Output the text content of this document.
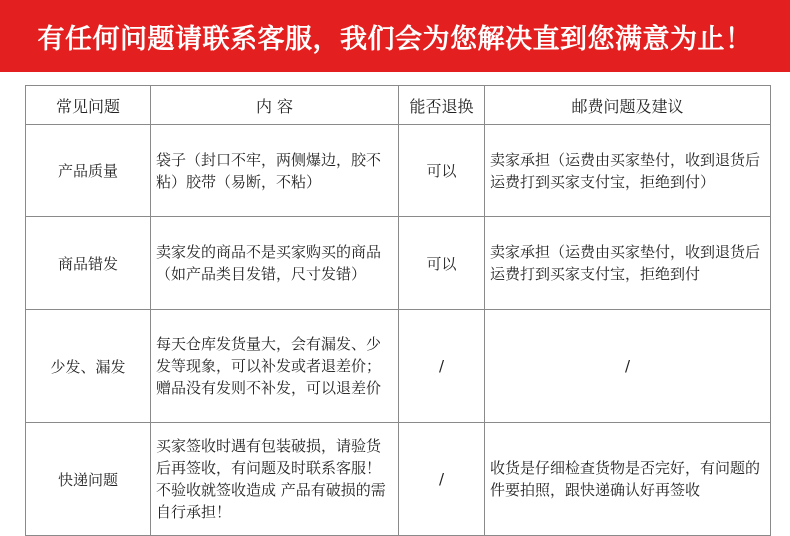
有任何问题请联系客服，我们会为您解决直到您满意为止！
常见问题	内 容	能否退换	邮费问题及建议
产品质量	袋子（封口不牢，两侧爆边，胶不粘）胶带（易断，不粘）	可以	卖家承担（运费由买家垫付，收到退货后运费打到买家支付宝，拒绝到付）
商品错发	卖家发的商品不是买家购买的商品（如产品类目发错，尺寸发错）	可以	卖家承担（运费由买家垫付，收到退货后运费打到买家支付宝，拒绝到付
少发、漏发	每天仓库发货量大，会有漏发、少发等现象，可以补发或者退差价；赠品没有发则不补发，可以退差价	/	/
快递问题	买家签收时遇有包装破损，请验货后再签收，有问题及时联系客服！不验收就签收造成 产品有破损的需自行承担！	/	收货是仔细检查货物是否完好，有问题的件要拍照，跟快递确认好再签收
